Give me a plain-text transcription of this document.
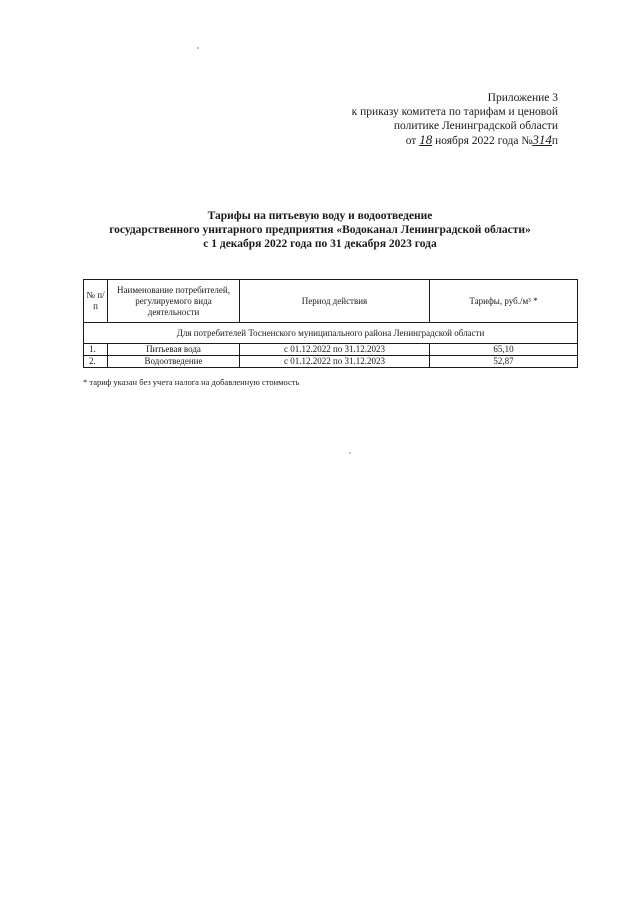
Приложение 3
к приказу комитета по тарифам и ценовой
политике Ленинградской области
от 18 ноября 2022 года №314п
Тарифы на питьевую воду и водоотведение
государственного унитарного предприятия «Водоканал Ленинградской области»
с 1 декабря 2022 года по 31 декабря 2023 года
№ п/п	Наименование потребителей, регулируемого вида деятельности	Период действия	Тарифы, руб./м³ *
Для потребителей Тосненского муниципального района Ленинградской области			
1.	Питьевая вода	с 01.12.2022 по 31.12.2023	65,10
2.	Водоотведение	с 01.12.2022 по 31.12.2023	52,87
* тариф указан без учета налога на добавленную стоимость
